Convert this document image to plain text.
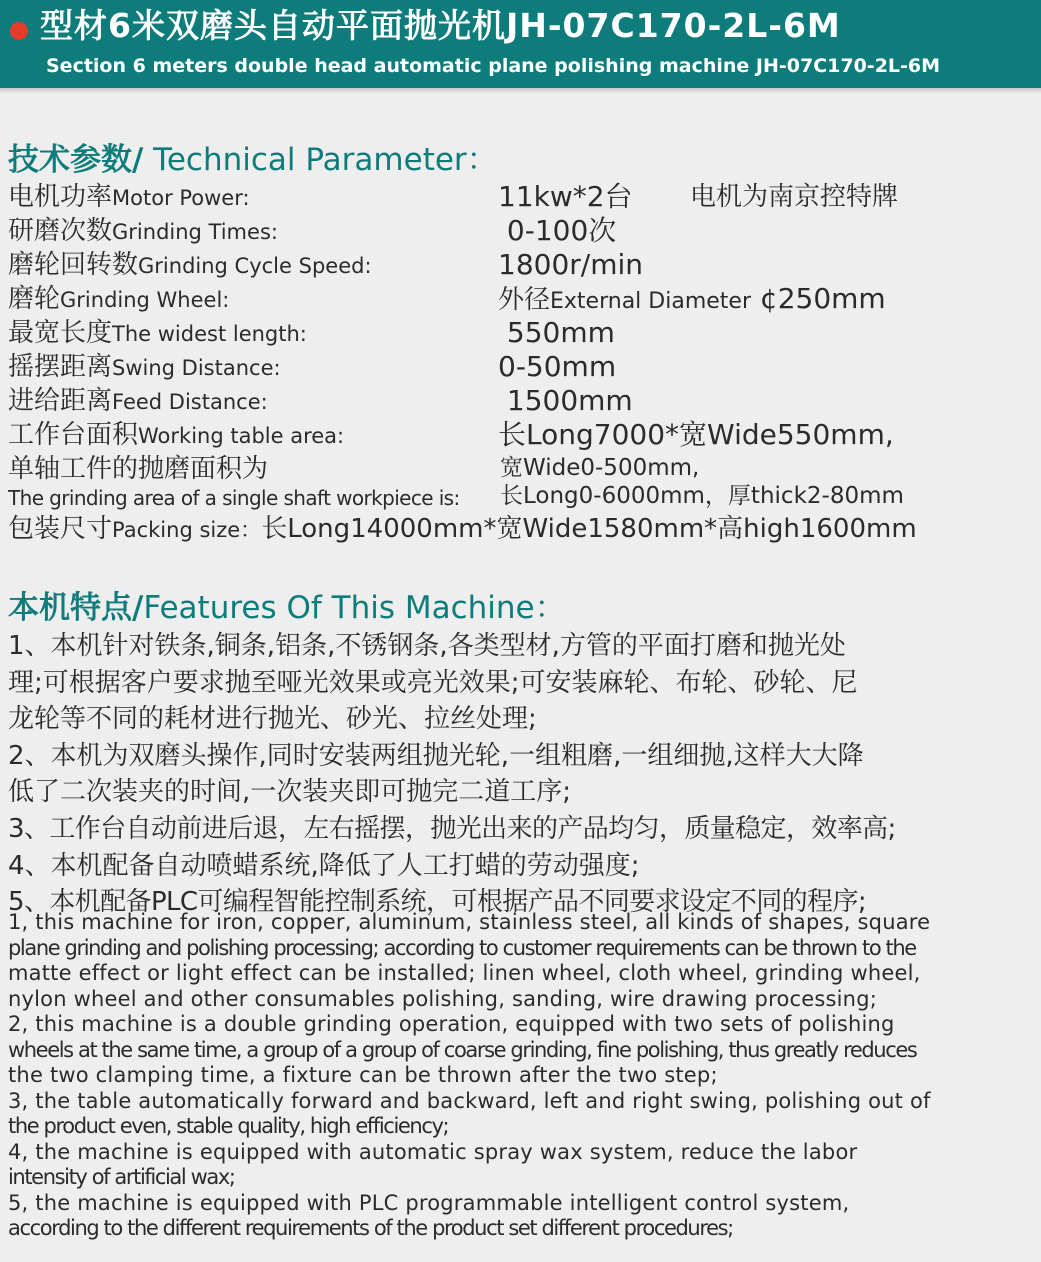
型材6米双磨头自动平面抛光机JH-07C170-2L-6M
Section 6 meters double head automatic plane polishing machine JH-07C170-2L-6M
技术参数/ Technical Parameter：
电机功率Motor Power:	11kw*2台 电机为南京控特牌
研磨次数Grinding Times:	0-100次
磨轮回转数Grinding Cycle Speed:	1800r/min
磨轮Grinding Wheel:	外径External Diameter ¢250mm
最宽长度The widest length:	550mm
摇摆距离Swing Distance:	0-50mm
进给距离Feed Distance:	1500mm
工作台面积Working table area:	长Long7000*宽Wide550mm,
单轴工件的抛磨面积为	宽Wide0-500mm,
The grinding area of a single shaft workpiece is: 长Long0-6000mm，厚thick2-80mm
包装尺寸Packing size：长Long14000mm*宽Wide1580mm*高high1600mm
本机特点/Features Of This Machine：
1、本机针对铁条,铜条,铝条,不锈钢条,各类型材,方管的平面打磨和抛光处
理;可根据客户要求抛至哑光效果或亮光效果;可安装麻轮、布轮、砂轮、尼
龙轮等不同的耗材进行抛光、砂光、拉丝处理;
2、本机为双磨头操作,同时安装两组抛光轮,一组粗磨,一组细抛,这样大大降
低了二次装夹的时间,一次装夹即可抛完二道工序;
3、工作台自动前进后退，左右摇摆，抛光出来的产品均匀，质量稳定，效率高;
4、本机配备自动喷蜡系统,降低了人工打蜡的劳动强度;
5、本机配备PLC可编程智能控制系统，可根据产品不同要求设定不同的程序;
1, this machine for iron, copper, aluminum, stainless steel, all kinds of shapes, square
plane grinding and polishing processing; according to customer requirements can be thrown to the
matte effect or light effect can be installed; linen wheel, cloth wheel, grinding wheel,
nylon wheel and other consumables polishing, sanding, wire drawing processing;
2, this machine is a double grinding operation, equipped with two sets of polishing
wheels at the same time, a group of a group of coarse grinding, fine polishing, thus greatly reduces
the two clamping time, a fixture can be thrown after the two step;
3, the table automatically forward and backward, left and right swing, polishing out of
the product even, stable quality, high efficiency;
4, the machine is equipped with automatic spray wax system, reduce the labor
intensity of artificial wax;
5, the machine is equipped with PLC programmable intelligent control system,
according to the different requirements of the product set different procedures;
